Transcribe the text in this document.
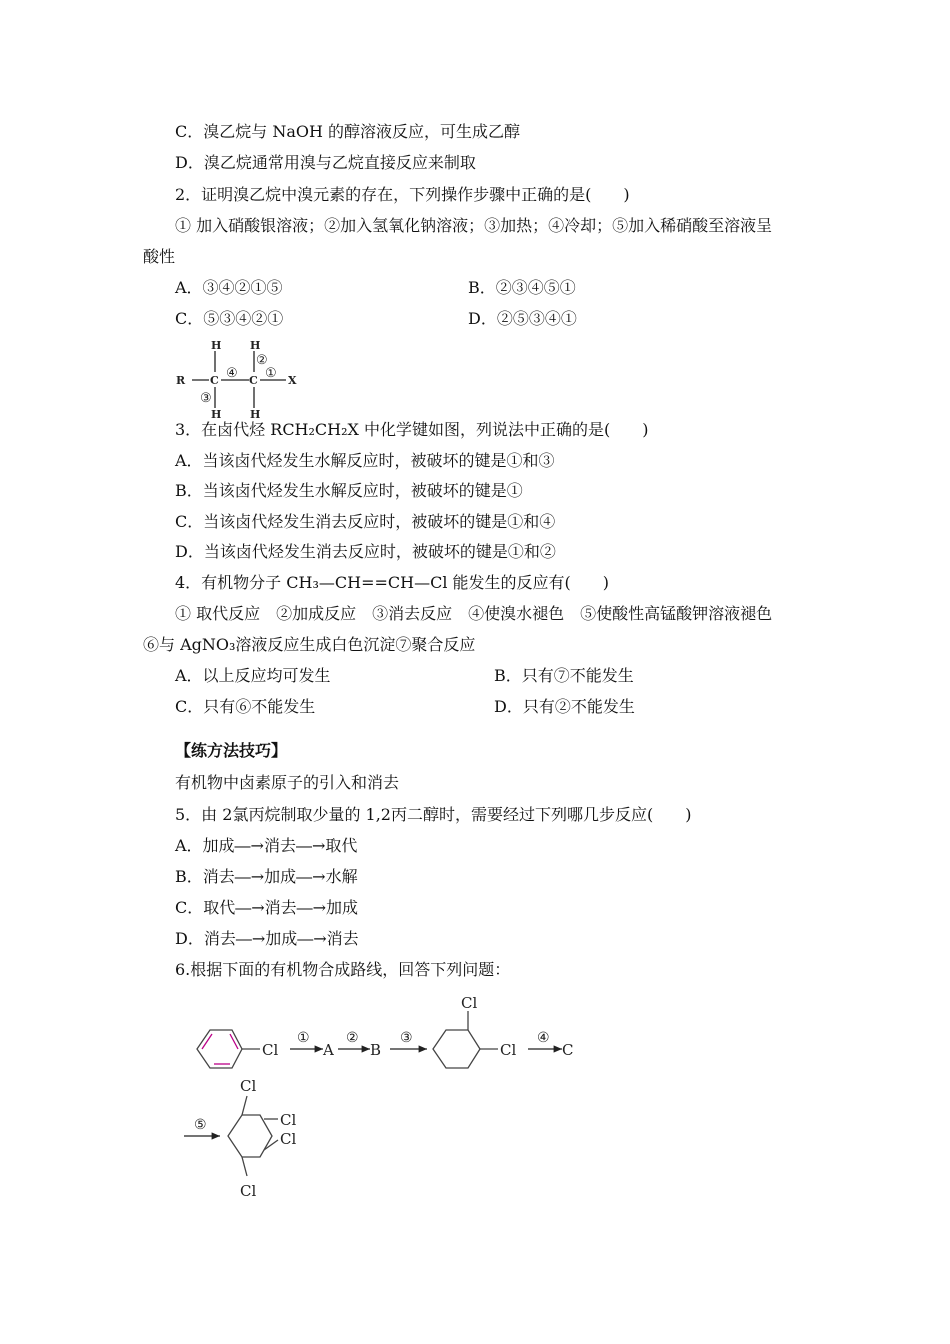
C．溴乙烷与 NaOH 的醇溶液反应，可生成乙醇
D．溴乙烷通常用溴与乙烷直接反应来制取
2．证明溴乙烷中溴元素的存在，下列操作步骤中正确的是(　　)
① 加入硝酸银溶液；②加入氢氧化钠溶液；③加热；④冷却；⑤加入稀硝酸至溶液呈
酸性
A．③④②①⑤	B．②③④⑤①
C．⑤③④②①	D．②⑤③④①
R C	C	X
H	H
H	H
④ ①
②
③
3．在卤代烃 RCH₂CH₂X 中化学键如图，列说法中正确的是(　　)
A．当该卤代烃发生水解反应时，被破坏的键是①和③
B．当该卤代烃发生水解反应时，被破坏的键是①
C．当该卤代烃发生消去反应时，被破坏的键是①和④
D．当该卤代烃发生消去反应时，被破坏的键是①和②
4．有机物分子 CH₃—CH==CH—Cl 能发生的反应有(　　)
① 取代反应　②加成反应　③消去反应　④使溴水褪色　⑤使酸性高锰酸钾溶液褪色
⑥与 AgNO₃溶液反应生成白色沉淀⑦聚合反应
A．以上反应均可发生	B．只有⑦不能发生
C．只有⑥不能发生	D．只有②不能发生
【练方法技巧】
有机物中卤素原子的引入和消去
5．由 2氯丙烷制取少量的 1,2丙二醇时，需要经过下列哪几步反应(　　)
A．加成―→消去―→取代
B．消去―→加成―→水解
C．取代―→消去―→加成
D．消去―→加成―→消去
6.根据下面的有机物合成路线，回答下列问题：
Cl
①
A
②
B
③
Cl
Cl
④
C
⑤
Cl
Cl
Cl
Cl
